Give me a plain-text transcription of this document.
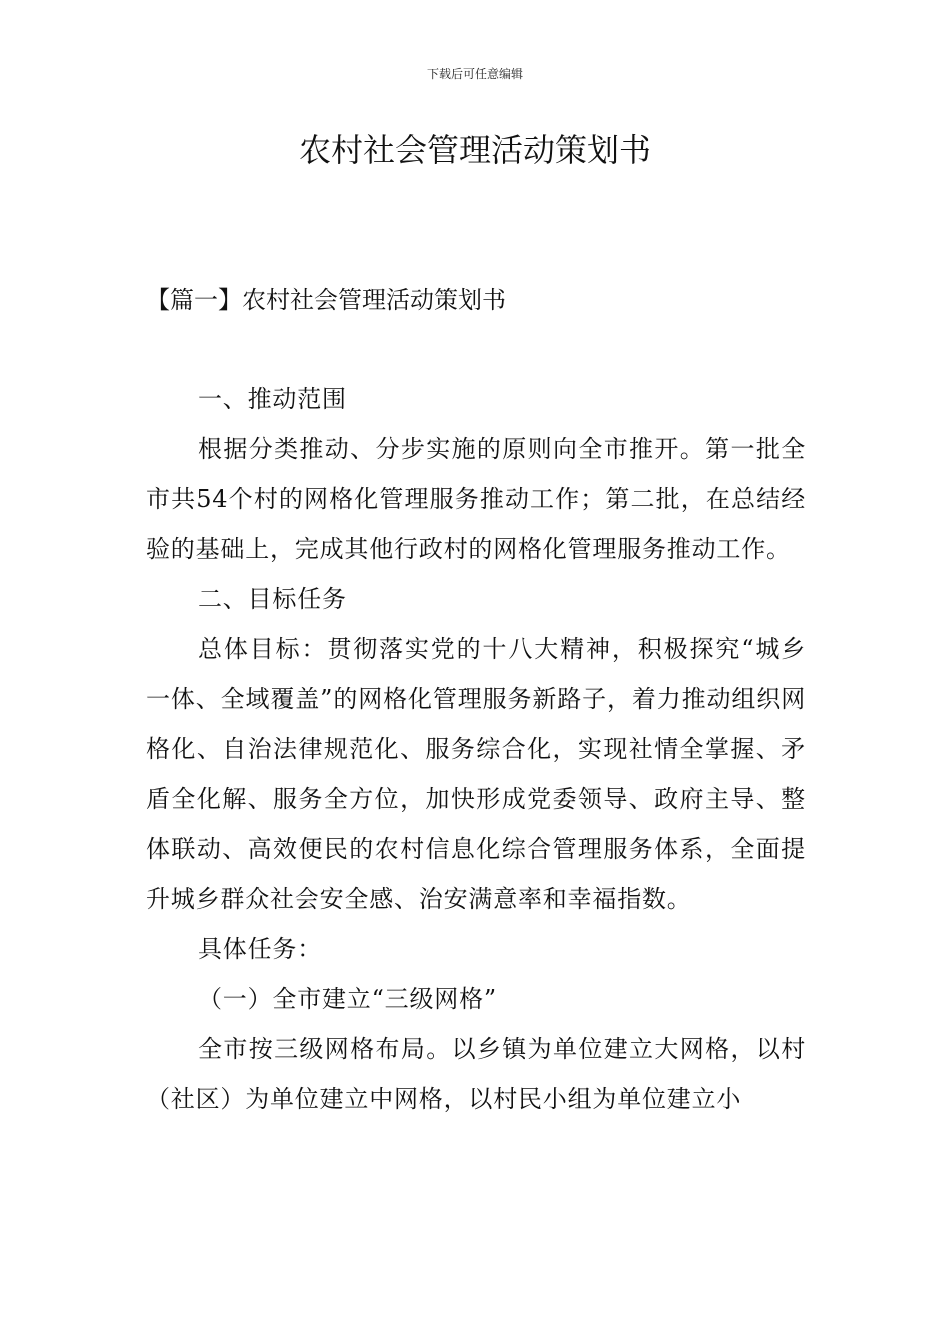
下载后可任意编辑
农村社会管理活动策划书
【篇一】农村社会管理活动策划书

一、推动范围

根据分类推动、分步实施的原则向全市推开。第一批全市共54个村的网格化管理服务推动工作；第二批，在总结经验的基础上，完成其他行政村的网格化管理服务推动工作。

二、目标任务

总体目标：贯彻落实党的十八大精神，积极探究“城乡一体、全域覆盖”的网格化管理服务新路子，着力推动组织网格化、自治法律规范化、服务综合化，实现社情全掌握、矛盾全化解、服务全方位，加快形成党委领导、政府主导、整体联动、高效便民的农村信息化综合管理服务体系，全面提升城乡群众社会安全感、治安满意率和幸福指数。

具体任务：

（一）全市建立“三级网格”

全市按三级网格布局。以乡镇为单位建立大网格，以村（社区）为单位建立中网格，以村民小组为单位建立小
